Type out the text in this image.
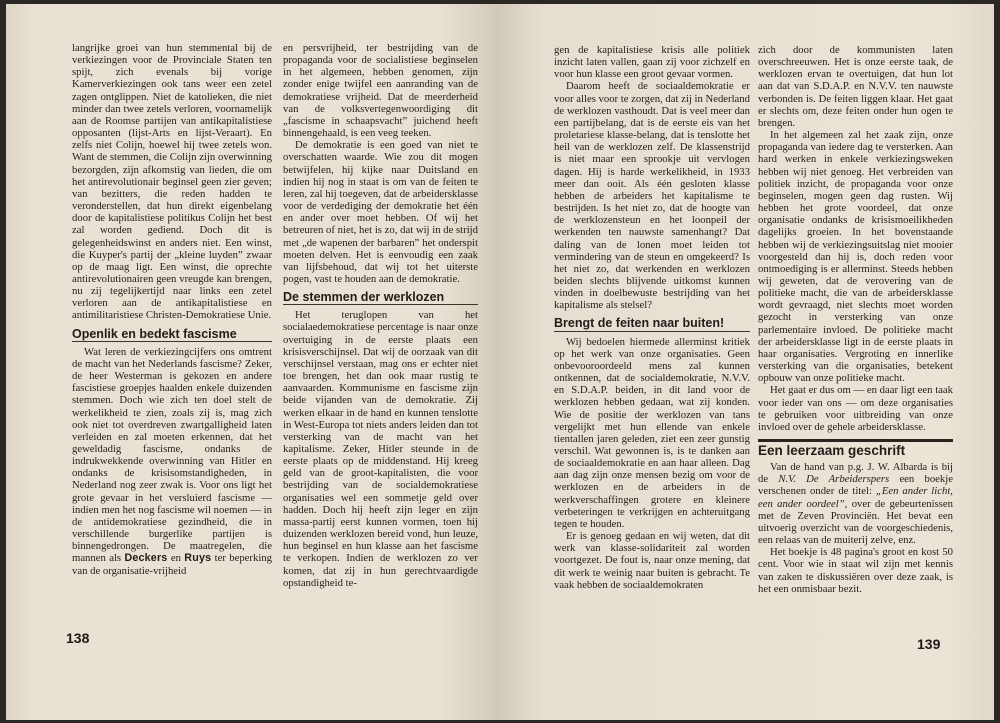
langrijke groei van hun stemmental bij de verkiezingen voor de Provinciale Staten ten spijt, zich evenals bij vorige Kamerverkiezingen ook tans weer een zetel zagen ontglippen. Niet de katolieken, die niet minder dan twee zetels verloren, voornamelijk aan de Roomse partijen van antikapitalistiese opposanten (lijst-Arts en lijst-Veraart). En zelfs niet Colijn, hoewel hij twee zetels won. Want de stemmen, die Colijn zijn overwinning bezorgden, zijn afkomstig van lieden, die om het antirevolutionair beginsel geen zier geven; van bezitters, die reden hadden te veronderstellen, dat hun direkt eigenbelang door de kapitalistiese politikus Colijn het best zal worden gediend. Doch dit is gelegenheidswinst en anders niet. Een winst, die Kuyper's partij der „kleine luyden” zwaar op de maag ligt. Een winst, die oprechte antirevolutionairen geen vreugde kan brengen, nu zij tegelijkertijd naar links een zetel verloren aan de antikapitalistiese en antimilitaristiese Christen-Demokratiese Unie.

Openlik en bedekt fascisme

Wat leren de verkiezingcijfers ons omtrent de macht van het Nederlands fascisme? Zeker, de heer Westerman is gekozen en andere fascistiese groepjes haalden enkele duizenden stemmen. Doch wie zich ten doel stelt de werkelikheid te zien, zoals zij is, mag zich ook niet tot overdreven zwartgalligheid laten verleiden en zal moeten erkennen, dat het geweldadig fascisme, ondanks de indrukwekkende overwinning van Hitler en ondanks de krisisomstandigheden, in Nederland nog zeer zwak is. Voor ons ligt het grote gevaar in het versluierd fascisme — indien men het nog fascisme wil noemen — in de antidemokratiese gezindheid, die in verschillende burgerlike partijen is binnengedrongen. De maatregelen, die mannen als Deckers en Ruys ter beperking van de organisatie-vrijheid

en persvrijheid, ter bestrijding van de propaganda voor de socialistiese beginselen in het algemeen, hebben genomen, zijn zonder enige twijfel een aanranding van de demokratiese vrijheid. Dat de meerderheid van de volksvertegenwoordiging dit „fascisme in schaapsvacht” juichend heeft binnengehaald, is een veeg teeken.

De demokratie is een goed van niet te overschatten waarde. Wie zou dit mogen betwijfelen, hij kijke naar Duitsland en indien hij nog in staat is om van de feiten te leren, zal hij toegeven, dat de arbeidersklasse voor de verdediging der demokratie het één en ander over moet hebben. Of wij het betreuren of niet, het is zo, dat wij in de strijd met „de wapenen der barbaren” het onderspit moeten delven. Het is eenvoudig een zaak van lijfsbehoud, dat wij tot het uiterste pogen, vast te houden aan de demokratie.

De stemmen der werklozen

Het teruglopen van het socialaedemokratiese percentage is naar onze overtuiging in de eerste plaats een krisisverschijnsel. Dat wij de oorzaak van dit verschijnsel verstaan, mag ons er echter niet toe brengen, het dan ook maar rustig te aanvaarden. Kommunisme en fascisme zijn beide vijanden van de demokratie. Zij werken elkaar in de hand en kunnen tenslotte in West-Europa tot niets anders leiden dan tot versterking van de macht van het kapitalisme. Zeker, Hitler steunde in de eerste plaats op de middenstand. Hij kreeg geld van de groot-kapitalisten, die voor bestrijding van de socialdemokratiese organisaties wel een sommetje geld over hadden. Doch hij heeft zijn leger en zijn massa-partij eerst kunnen vormen, toen hij duizenden werklozen bereid vond, hun leuze, hun beginsel en hun klasse aan het fascisme te verkopen. Indien de werklozen zo ver komen, dat zij in hun gerechtvaardigde opstandigheid te-

138

gen de kapitalistiese krisis alle politiek inzicht laten vallen, gaan zij voor zichzelf en voor hun klasse een groot gevaar vormen.

Daarom heeft de sociaaldemokratie er voor alles voor te zorgen, dat zij in Nederland de werklozen vasthoudt. Dat is veel meer dan een partijbelang, dat is de eerste eis van het proletariese klasse-belang, dat is tenslotte het heil van de werklozen zelf. De klassenstrijd is niet maar een sprookje uit vervlogen dagen. Hij is harde werkelikheid, in 1933 meer dan ooit. Als één gesloten klasse hebben de arbeiders het kapitalisme te bestrijden. Is het niet zo, dat de hoogte van de werklozensteun en het loonpeil der werkenden ten nauwste samenhangt? Dat daling van de lonen moet leiden tot vermindering van de steun en omgekeerd? Is het niet zo, dat werkenden en werklozen beiden slechts blijvende uitkomst kunnen vinden in doelbewuste bestrijding van het kapitalisme als stelsel?

Brengt de feiten naar buiten!

Wij bedoelen hiermede allerminst kritiek op het werk van onze organisaties. Geen onbevooroordeeld mens zal kunnen ontkennen, dat de socialdemokratie, N.V.V. en S.D.A.P. beiden, in dit land voor de werklozen hebben gedaan, wat zij konden. Wie de positie der werklozen van tans vergelijkt met hun ellende van enkele tientallen jaren geleden, ziet een zeer gunstig verschil. Wat gewonnen is, is te danken aan de sociaaldemokratie en aan haar alleen. Dag aan dag zijn onze mensen bezig om voor de werklozen en de arbeiders in de werkverschaffingen grotere en kleinere verbeteringen te verkrijgen en achteruitgang tegen te houden.

Er is genoeg gedaan en wij weten, dat dit werk van klasse-solidariteit zal worden voortgezet. De fout is, naar onze mening, dat dit werk te weinig naar buiten is gebracht. Te vaak hebben de sociaaldemokraten

zich door de kommunisten laten overschreeuwen. Het is onze eerste taak, de werklozen ervan te overtuigen, dat hun lot aan dat van S.D.A.P. en N.V.V. ten nauwste verbonden is. De feiten liggen klaar. Het gaat er slechts om, deze feiten onder hun ogen te brengen.

In het algemeen zal het zaak zijn, onze propaganda van iedere dag te versterken. Aan hard werken in enkele verkiezingsweken hebben wij niet genoeg. Het verbreiden van politiek inzicht, de propaganda voor onze beginselen, mogen geen dag rusten. Wij hebben het grote voordeel, dat onze organisatie ondanks de krisismoeilikheden dagelijks groeien. In het bovenstaande hebben wij de verkiezingsuitslag niet mooier voorgesteld dan hij is, doch reden voor ontmoediging is er allerminst. Steeds hebben wij geweten, dat de verovering van de politieke macht, die van de arbeidersklasse wordt gevraagd, niet slechts moet worden gezocht in versterking van onze parlementaire invloed. De politieke macht der arbeidersklasse ligt in de eerste plaats in haar organisaties. Vergroting en innerlike versterking van die organisaties, betekent opbouw van onze politieke macht.

Het gaat er dus om — en daar ligt een taak voor ieder van ons — om deze organisaties te gebruiken voor uitbreiding van onze invloed over de gehele arbeidersklasse.

Een leerzaam geschrift

Van de hand van p.g. J. W. Albarda is bij de N.V. De Arbeiderspers een boekje verschenen onder de titel: „Een ander licht, een ander oordeel”, over de gebeurtenissen met de Zeven Provinciën. Het bevat een uitvoerig overzicht van de voorgeschiedenis, een relaas van de muiterij zelve, enz.

Het boekje is 48 pagina's groot en kost 50 cent. Voor wie in staat wil zijn met kennis van zaken te diskussiëren over deze zaak, is het een onmisbaar bezit.

139
